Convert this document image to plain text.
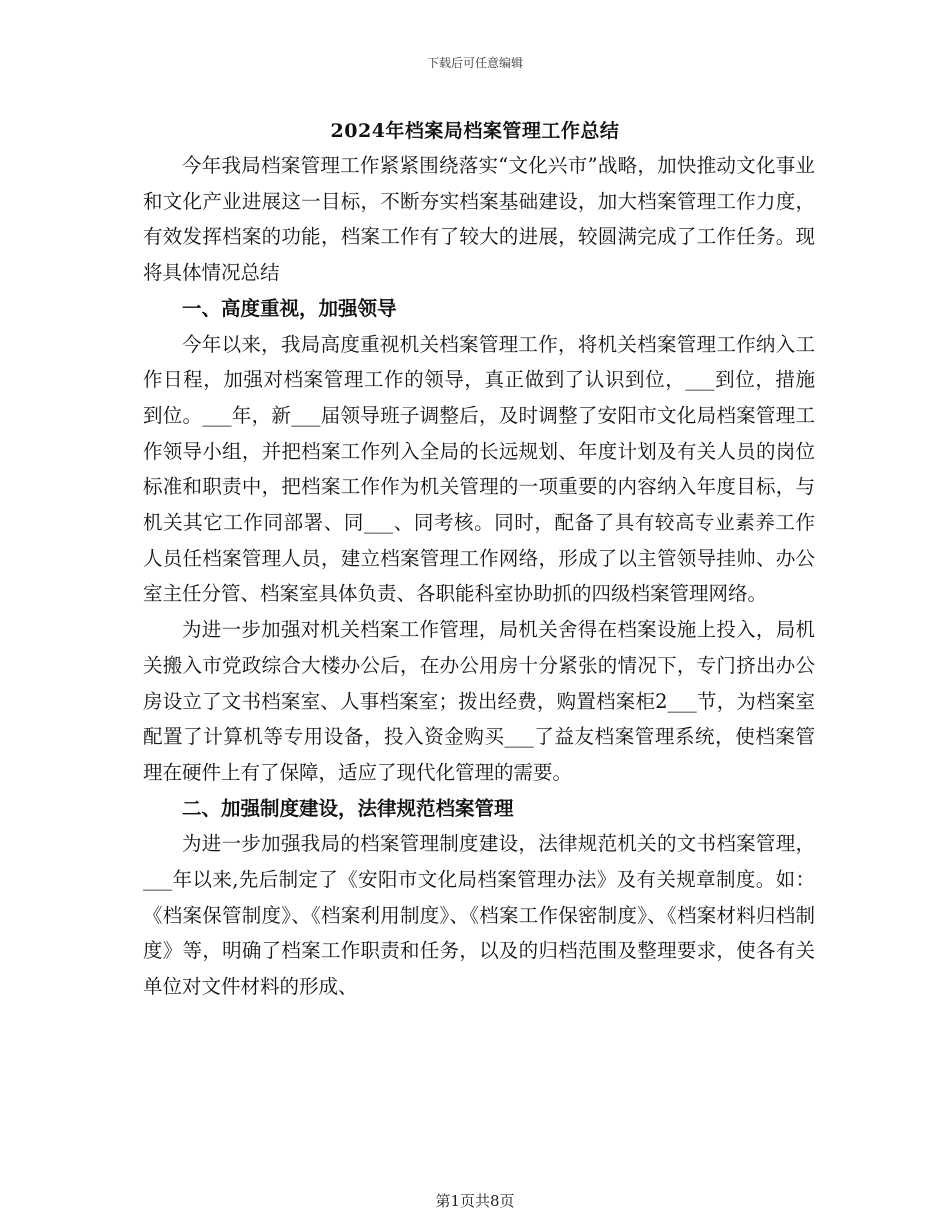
下载后可任意编辑
2024年档案局档案管理工作总结

今年我局档案管理工作紧紧围绕落实“文化兴市”战略，加快推动文化事业和文化产业进展这一目标，不断夯实档案基础建设，加大档案管理工作力度，有效发挥档案的功能，档案工作有了较大的进展，较圆满完成了工作任务。现将具体情况总结

一、高度重视，加强领导

今年以来，我局高度重视机关档案管理工作，将机关档案管理工作纳入工作日程，加强对档案管理工作的领导，真正做到了认识到位，___到位，措施到位。___年，新___届领导班子调整后，及时调整了安阳市文化局档案管理工作领导小组，并把档案工作列入全局的长远规划、年度计划及有关人员的岗位标准和职责中，把档案工作作为机关管理的一项重要的内容纳入年度目标，与机关其它工作同部署、同___、同考核。同时，配备了具有较高专业素养工作人员任档案管理人员，建立档案管理工作网络，形成了以主管领导挂帅、办公室主任分管、档案室具体负责、各职能科室协助抓的四级档案管理网络。

为进一步加强对机关档案工作管理，局机关舍得在档案设施上投入，局机关搬入市党政综合大楼办公后，在办公用房十分紧张的情况下，专门挤出办公房设立了文书档案室、人事档案室；拨出经费，购置档案柜2___节，为档案室配置了计算机等专用设备，投入资金购买___了益友档案管理系统，使档案管理在硬件上有了保障，适应了现代化管理的需要。

二、加强制度建设，法律规范档案管理

为进一步加强我局的档案管理制度建设，法律规范机关的文书档案管理，___年以来,先后制定了《安阳市文化局档案管理办法》及有关规章制度。如：《档案保管制度》、《档案利用制度》、《档案工作保密制度》、《档案材料归档制度》等，明确了档案工作职责和任务，以及的归档范围及整理要求，使各有关单位对文件材料的形成、

第1页共8页
